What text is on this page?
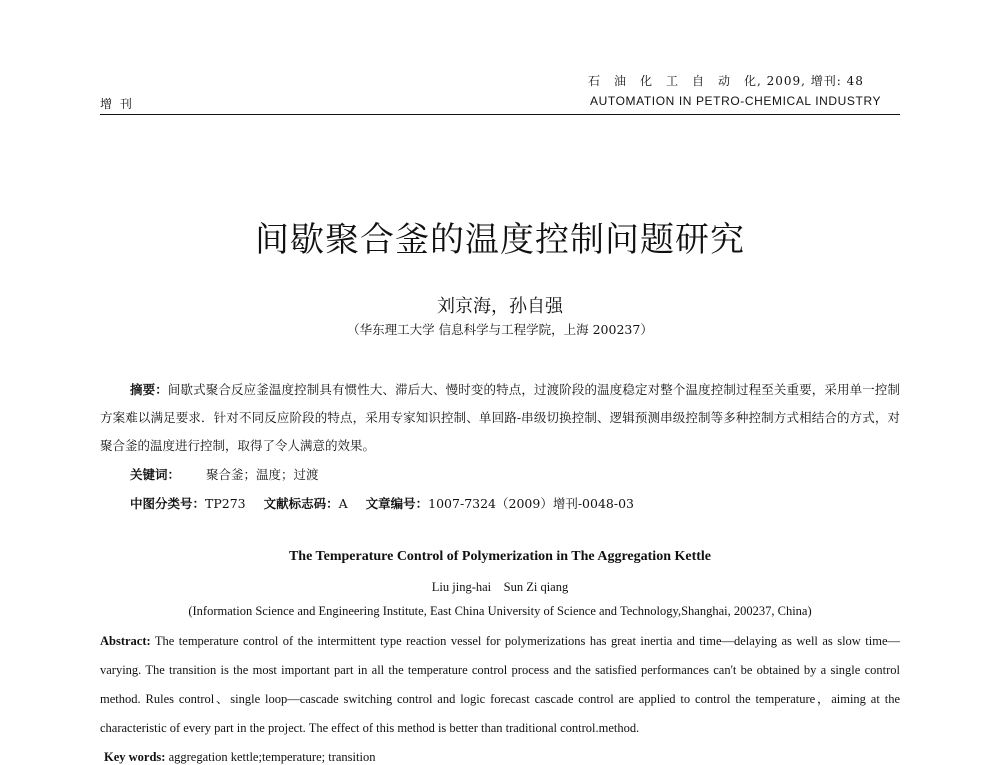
石　油　化　工　自　动　化, 2009, 增刊: 48
增 刊	AUTOMATION IN PETRO-CHEMICAL INDUSTRY
间歇聚合釜的温度控制问题研究
刘京海，孙自强
（华东理工大学 信息科学与工程学院，上海 200237）
摘要：间歇式聚合反应釜温度控制具有惯性大、滞后大、慢时变的特点，过渡阶段的温度稳定对整个温度控制过程至关重要，采用单一控制方案难以满足要求．针对不同反应阶段的特点，采用专家知识控制、单回路-串级切换控制、逻辑预测串级控制等多种控制方式相结合的方式，对聚合釜的温度进行控制，取得了令人满意的效果。
关键词： 聚合釜；温度；过渡
中图分类号：TP273 文献标志码：A 文章编号：1007-7324（2009）增刊-0048-03
The Temperature Control of Polymerization in The Aggregation Kettle
Liu jing-hai　Sun Zi qiang
(Information Science and Engineering Institute, East China University of Science and Technology,Shanghai, 200237, China)
Abstract: The temperature control of the intermittent type reaction vessel for polymerizations has great inertia and time—delaying as well as slow time—varying. The transition is the most important part in all the temperature control process and the satisfied performances can't be obtained by a single control method. Rules control、single loop—cascade switching control and logic forecast cascade control are applied to control the temperature，aiming at the characteristic of every part in the project. The effect of this method is better than traditional control.method.
Key words: aggregation kettle;temperature; transition
